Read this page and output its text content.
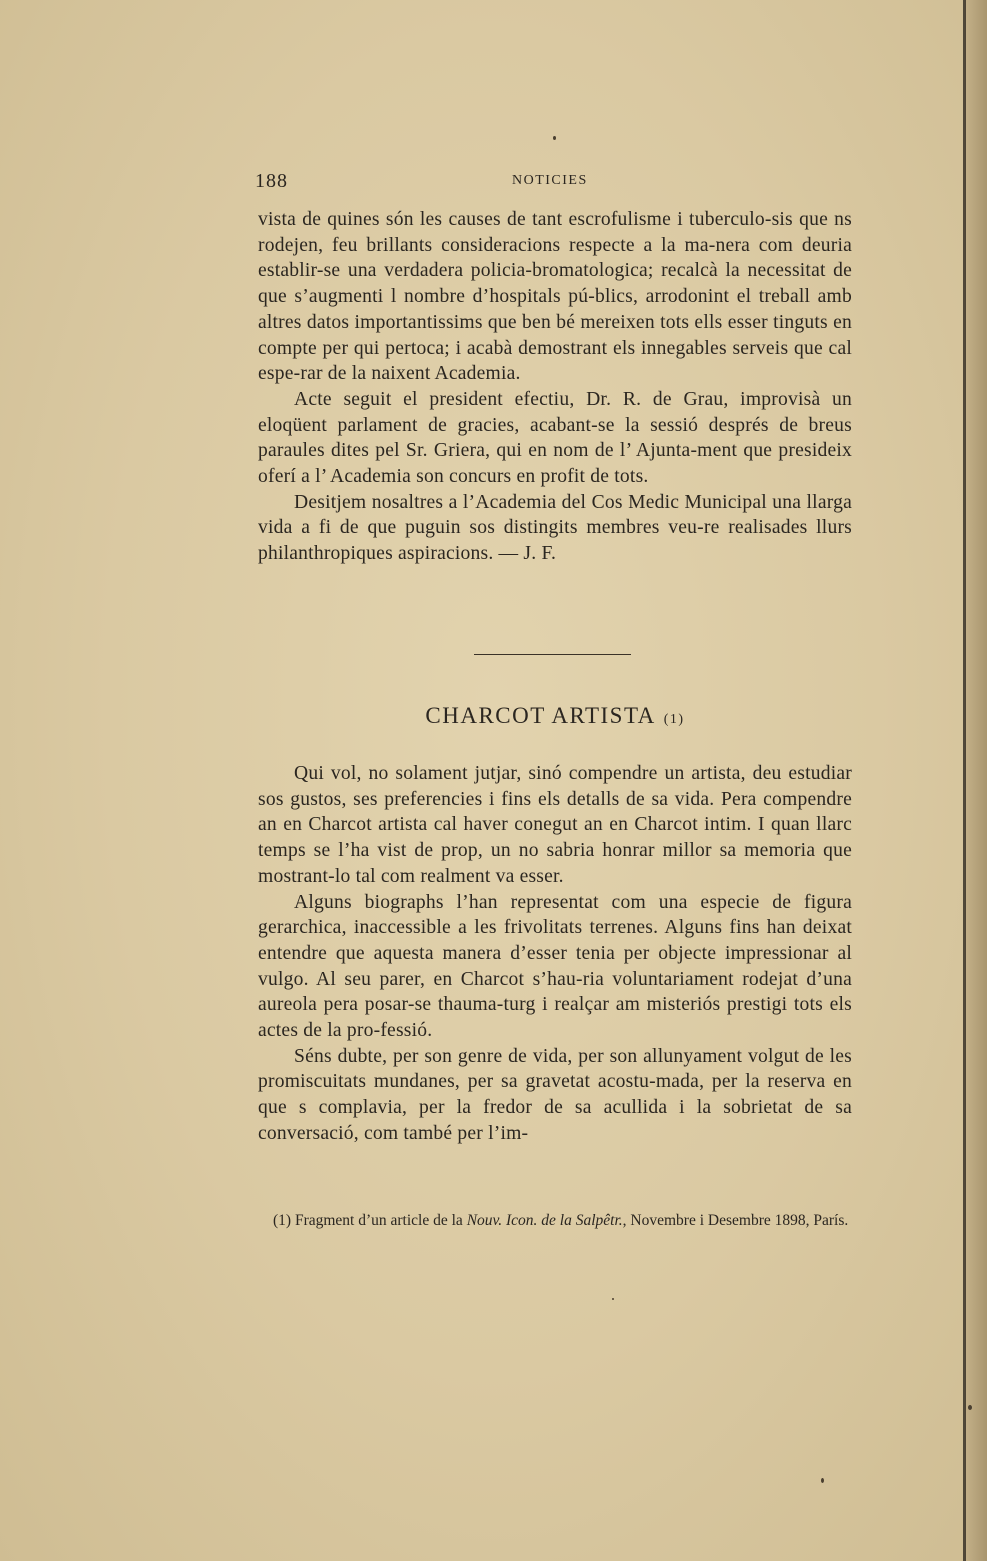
188	NOTICIES

vista de quines són les causes de tant escrofulisme i tuberculo-sis que ns rodejen, feu brillants consideracions respecte a la ma-nera com deuria establir-se una verdadera policia-bromatologica; recalcà la necessitat de que s’augmenti l nombre d’hospitals pú-blics, arrodonint el treball amb altres datos importantissims que ben bé mereixen tots ells esser tinguts en compte per qui pertoca; i acabà demostrant els innegables serveis que cal espe-rar de la naixent Academia.

Acte seguit el president efectiu, Dr. R. de Grau, improvisà un eloqüent parlament de gracies, acabant-se la sessió després de breus paraules dites pel Sr. Griera, qui en nom de l’ Ajunta-ment que presideix oferí a l’ Academia son concurs en profit de tots.

Desitjem nosaltres a l’Academia del Cos Medic Municipal una llarga vida a fi de que puguin sos distingits membres veu-re realisades llurs philanthropiques aspiracions. — J. F.

CHARCOT ARTISTA (1)

Qui vol, no solament jutjar, sinó compendre un artista, deu estudiar sos gustos, ses preferencies i fins els detalls de sa vida. Pera compendre an en Charcot artista cal haver conegut an en Charcot intim. I quan llarc temps se l’ha vist de prop, un no sabria honrar millor sa memoria que mostrant-lo tal com realment va esser.

Alguns biographs l’han representat com una especie de figura gerarchica, inaccessible a les frivolitats terrenes. Alguns fins han deixat entendre que aquesta manera d’esser tenia per objecte impressionar al vulgo. Al seu parer, en Charcot s’hau-ria voluntariament rodejat d’una aureola pera posar-se thauma-turg i realçar am misteriós prestigi tots els actes de la pro-fessió.

Séns dubte, per son genre de vida, per son allunyament volgut de les promiscuitats mundanes, per sa gravetat acostu-mada, per la reserva en que s complavia, per la fredor de sa acullida i la sobrietat de sa conversació, com també per l’im-

(1) Fragment d’un article de la Nouv. Icon. de la Salpêtr., Novembre i Desembre 1898, París.
